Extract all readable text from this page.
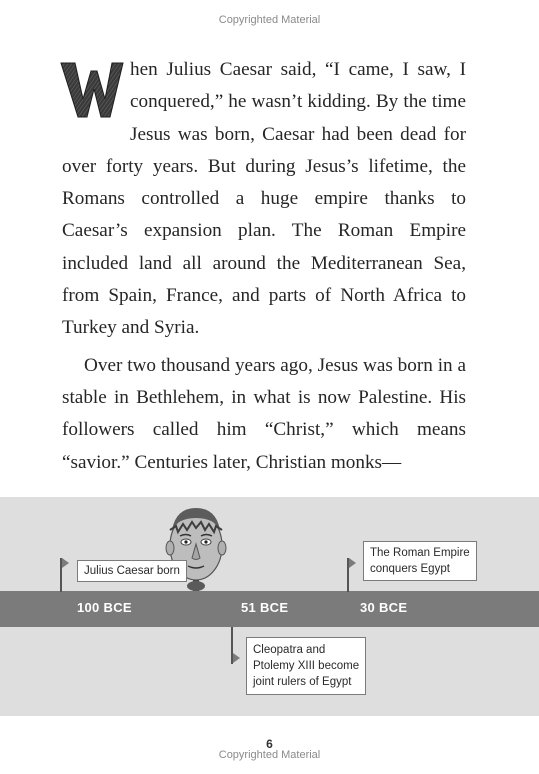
Copyrighted Material

hen Julius Caesar said, “I came, I saw, I conquered,” he wasn’t kidding. By the time Jesus was born, Caesar had been dead for over forty years. But during Jesus’s lifetime, the Romans controlled a huge empire thanks to Caesar’s expansion plan. The Roman Empire included land all around the Mediterranean Sea, from Spain, France, and parts of North Africa to Turkey and Syria.

Over two thousand years ago, Jesus was born in a stable in Bethlehem, in what is now Palestine. His followers called him “Christ,” which means “savior.” Centuries later, Christian monks—

100 BCE	51 BCE	30 BCE
Julius Caesar born
The Roman Empire
conquers Egypt
Cleopatra and
Ptolemy XIII become
joint rulers of Egypt
6
Copyrighted Material
